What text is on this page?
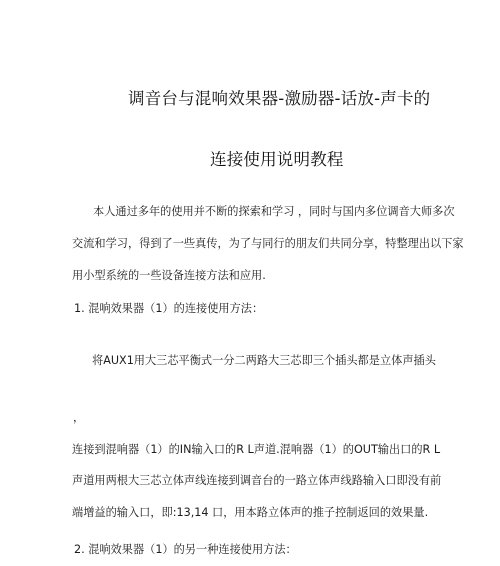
调音台与混响效果器-激励器-话放-声卡的

连接使用说明教程

本人通过多年的使用并不断的探索和学习 ，同时与国内多位调音大师多次

交流和学习，得到了一些真传，为了与同行的朋友们共同分享，特整理出以下家

用小型系统的一些设备连接方法和应用.

1. 混响效果器（1）的连接使用方法：

将AUX1用大三芯平衡式一分二两路大三芯即三个插头都是立体声插头

，

连接到混响器（1）的IN输入口的R L声道.混响器（1）的OUT输出口的R L

声道用两根大三芯立体声线连接到调音台的一路立体声线路输入口即没有前

端增益的输入口，即:13,14 口，用本路立体声的推子控制返回的效果量.

2. 混响效果器（1）的另一种连接使用方法：
